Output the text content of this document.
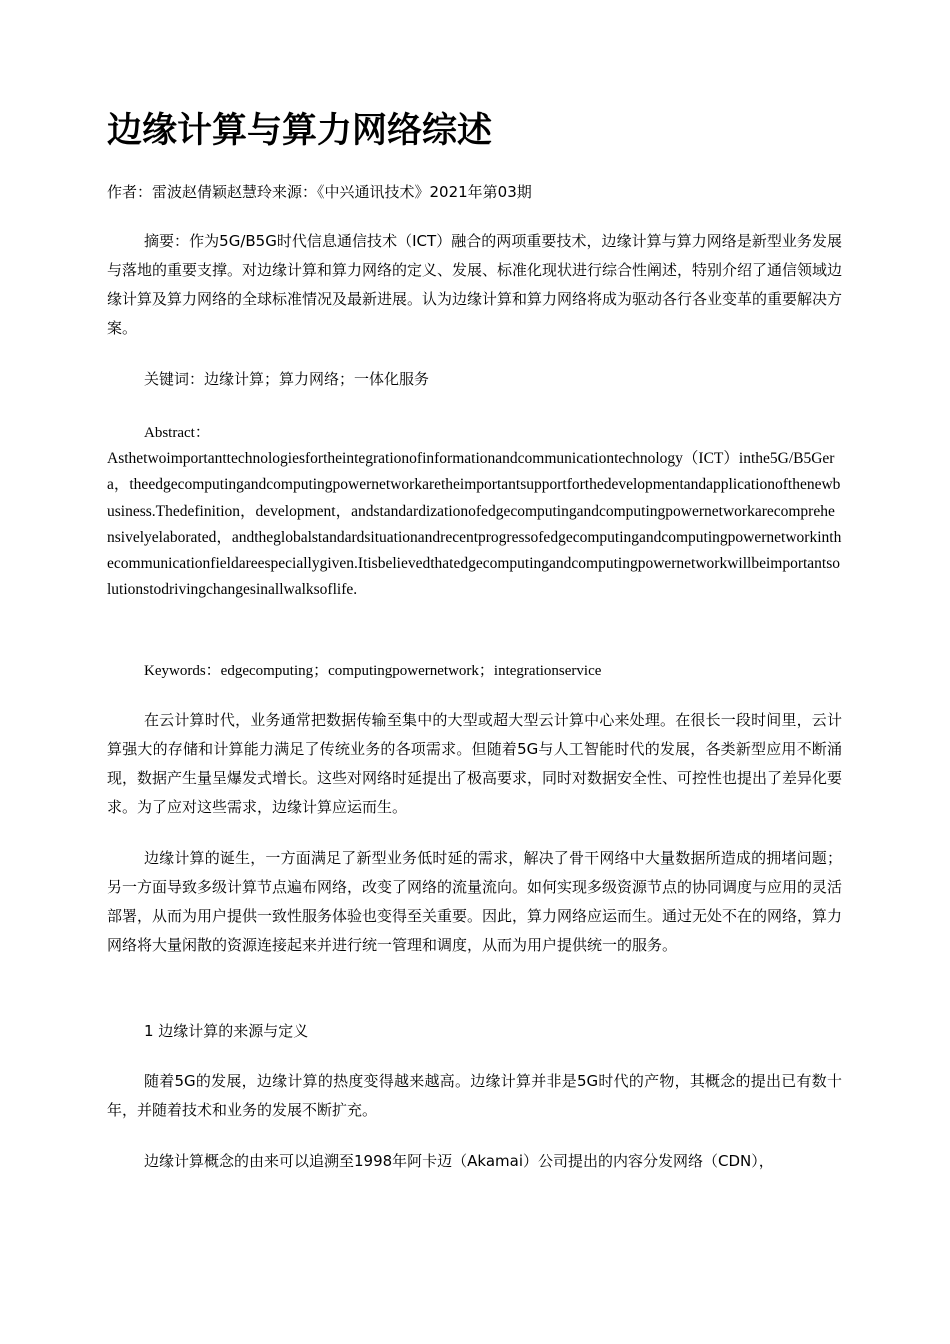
边缘计算与算力网络综述

作者：雷波赵倩颖赵慧玲来源：《中兴通讯技术》2021年第03期

摘要：作为5G/B5G时代信息通信技术（ICT）融合的两项重要技术，边缘计算与算力网络是新型业务发展与落地的重要支撑。对边缘计算和算力网络的定义、发展、标准化现状进行综合性阐述，特别介绍了通信领域边缘计算及算力网络的全球标准情况及最新进展。认为边缘计算和算力网络将成为驱动各行各业变革的重要解决方案。

关键词：边缘计算；算力网络；一体化服务

Abstract：

Asthetwoimportanttechnologiesfortheintegrationofinformationandcommunicationtechnology（ICT）inthe5G/B5Gera，theedgecomputingandcomputingpowernetworkaretheimportantsupportforthedevelopmentandapplicationofthenewbusiness.Thedefinition，development，andstandardizationofedgecomputingandcomputingpowernetworkarecomprehensivelyelaborated，andtheglobalstandardsituationandrecentprogressofedgecomputingandcomputingpowernetworkinthecommunicationfieldareespeciallygiven.Itisbelievedthatedgecomputingandcomputingpowernetworkwillbeimportantsolutionstodrivingchangesinallwalksoflife.

Keywords：edgecomputing；computingpowernetwork；integrationservice

在云计算时代，业务通常把数据传输至集中的大型或超大型云计算中心来处理。在很长一段时间里，云计算强大的存储和计算能力满足了传统业务的各项需求。但随着5G与人工智能时代的发展，各类新型应用不断涌现，数据产生量呈爆发式增长。这些对网络时延提出了极高要求，同时对数据安全性、可控性也提出了差异化要求。为了应对这些需求，边缘计算应运而生。

边缘计算的诞生，一方面满足了新型业务低时延的需求，解决了骨干网络中大量数据所造成的拥堵问题；另一方面导致多级计算节点遍布网络，改变了网络的流量流向。如何实现多级资源节点的协同调度与应用的灵活部署，从而为用户提供一致性服务体验也变得至关重要。因此，算力网络应运而生。通过无处不在的网络，算力网络将大量闲散的资源连接起来并进行统一管理和调度，从而为用户提供统一的服务。

1 边缘计算的来源与定义

随着5G的发展，边缘计算的热度变得越来越高。边缘计算并非是5G时代的产物，其概念的提出已有数十年，并随着技术和业务的发展不断扩充。

边缘计算概念的由来可以追溯至1998年阿卡迈（Akamai）公司提出的内容分发网络（CDN），
